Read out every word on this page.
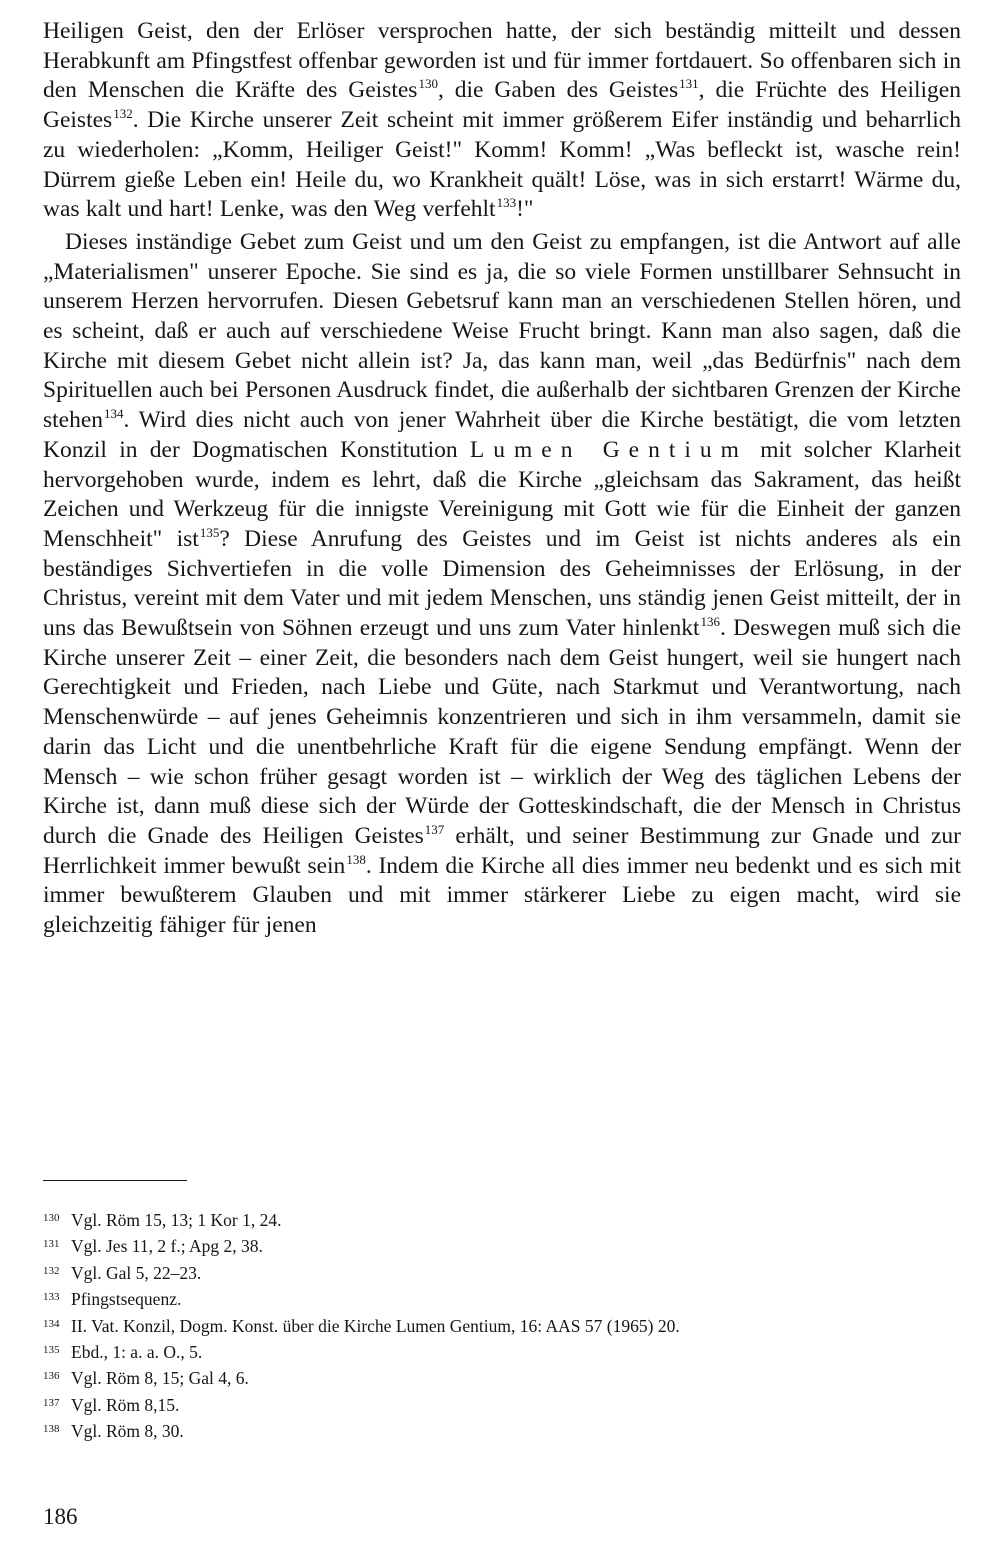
Heiligen Geist, den der Erlöser versprochen hatte, der sich beständig mitteilt und dessen Herabkunft am Pfingstfest offenbar geworden ist und für immer fortdauert. So offenbaren sich in den Menschen die Kräfte des Geistes$^{130}$, die Gaben des Geistes$^{131}$, die Früchte des Heiligen Geistes$^{132}$. Die Kirche unserer Zeit scheint mit immer größerem Eifer inständig und beharrlich zu wiederholen: „Komm, Heiliger Geist!" Komm! Komm! „Was befleckt ist, wasche rein! Dürrem gieße Leben ein! Heile du, wo Krankheit quält! Löse, was in sich erstarrt! Wärme du, was kalt und hart! Lenke, was den Weg verfehlt$^{133}$!"

Dieses inständige Gebet zum Geist und um den Geist zu empfangen, ist die Antwort auf alle „Materialismen" unserer Epoche. Sie sind es ja, die so viele Formen unstillbarer Sehnsucht in unserem Herzen hervorrufen. Diesen Gebetsruf kann man an verschiedenen Stellen hören, und es scheint, daß er auch auf verschiedene Weise Frucht bringt. Kann man also sagen, daß die Kirche mit diesem Gebet nicht allein ist? Ja, das kann man, weil „das Bedürfnis" nach dem Spirituellen auch bei Personen Ausdruck findet, die außerhalb der sichtbaren Grenzen der Kirche stehen$^{134}$. Wird dies nicht auch von jener Wahrheit über die Kirche bestätigt, die vom letzten Konzil in der Dogmatischen Konstitution Lumen Gentium mit solcher Klarheit hervorgehoben wurde, indem es lehrt, daß die Kirche „gleichsam das Sakrament, das heißt Zeichen und Werkzeug für die innigste Vereinigung mit Gott wie für die Einheit der ganzen Menschheit" ist$^{135}$? Diese Anrufung des Geistes und im Geist ist nichts anderes als ein beständiges Sichvertiefen in die volle Dimension des Geheimnisses der Erlösung, in der Christus, vereint mit dem Vater und mit jedem Menschen, uns ständig jenen Geist mitteilt, der in uns das Bewußtsein von Söhnen erzeugt und uns zum Vater hinlenkt$^{136}$. Deswegen muß sich die Kirche unserer Zeit – einer Zeit, die besonders nach dem Geist hungert, weil sie hungert nach Gerechtigkeit und Frieden, nach Liebe und Güte, nach Starkmut und Verantwortung, nach Menschenwürde – auf jenes Geheimnis konzentrieren und sich in ihm versammeln, damit sie darin das Licht und die unentbehrliche Kraft für die eigene Sendung empfängt. Wenn der Mensch – wie schon früher gesagt worden ist – wirklich der Weg des täglichen Lebens der Kirche ist, dann muß diese sich der Würde der Gotteskindschaft, die der Mensch in Christus durch die Gnade des Heiligen Geistes$^{137}$ erhält, und seiner Bestimmung zur Gnade und zur Herrlichkeit immer bewußt sein$^{138}$. Indem die Kirche all dies immer neu bedenkt und es sich mit immer bewußterem Glauben und mit immer stärkerer Liebe zu eigen macht, wird sie gleichzeitig fähiger für jenen

130 Vgl. Röm 15, 13; 1 Kor 1, 24.

131 Vgl. Jes 11, 2 f.; Apg 2, 38.

132 Vgl. Gal 5, 22–23.

133 Pfingstsequenz.

134 II. Vat. Konzil, Dogm. Konst. über die Kirche Lumen Gentium, 16: AAS 57 (1965) 20.

135 Ebd., 1: a. a. O., 5.

136 Vgl. Röm 8, 15; Gal 4, 6.

137 Vgl. Röm 8,15.

138 Vgl. Röm 8, 30.

186
